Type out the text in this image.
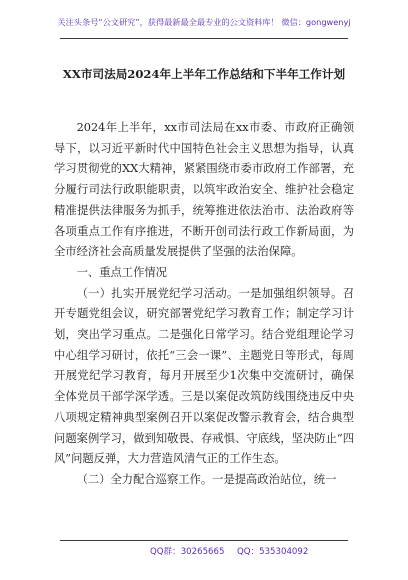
关注头条号“公文研究”，获得最新最全最专业的公文资料库！ 微信：gongwenyj
XX市司法局2024年上半年工作总结和下半年工作计划

2024年上半年，xx市司法局在xx市委、市政府正确领导下，以习近平新时代中国特色社会主义思想为指导，认真学习贯彻党的XX大精神，紧紧围绕市委市政府工作部署，充分履行司法行政职能职责，以筑牢政治安全、维护社会稳定精准提供法律服务为抓手，统筹推进依法治市、法治政府等各项重点工作有序推进，不断开创司法行政工作新局面，为全市经济社会高质量发展提供了坚强的法治保障。

一、重点工作情况

（一）扎实开展党纪学习活动。一是加强组织领导。召开专题党组会议，研究部署党纪学习教育工作；制定学习计划，突出学习重点。二是强化日常学习。结合党组理论学习中心组学习研讨，依托“三会一课”、主题党日等形式，每周开展党纪学习教育，每月开展至少1次集中交流研讨，确保全体党员干部学深学透。三是以案促改筑防线围绕违反中央八项规定精神典型案例召开以案促改警示教育会，结合典型问题案例学习，做到知敬畏、存戒惧、守底线，坚决防止“四风”问题反弹，大力营造风清气正的工作生态。

（二）全力配合巡察工作。一是提高政治站位，统一

QQ群：30265665 QQ：535304092
